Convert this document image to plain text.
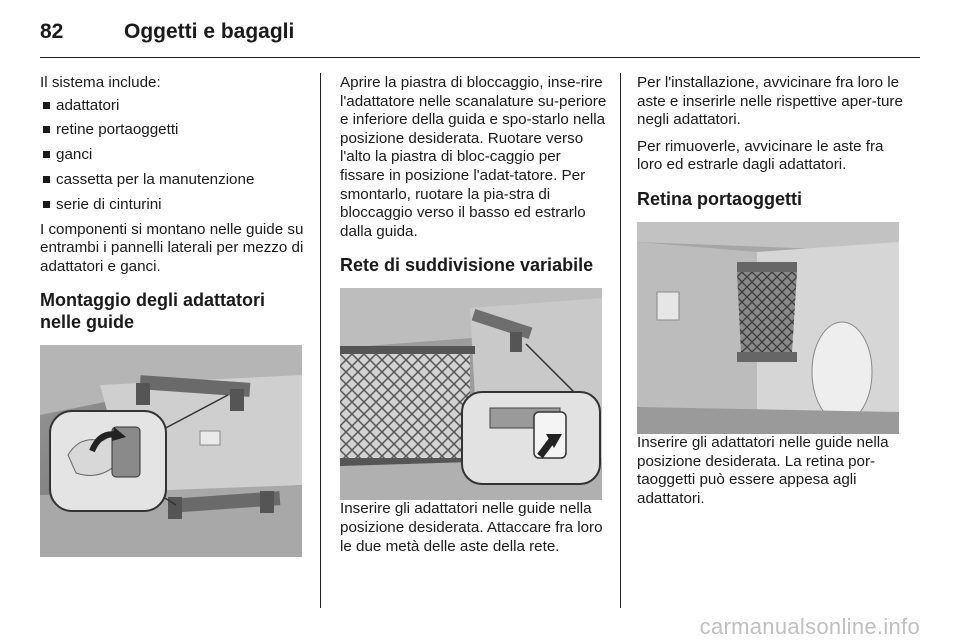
82	Oggetti e bagagli

Il sistema include:

adattatori
retine portaoggetti
ganci
cassetta per la manutenzione
serie di cinturini

I componenti si montano nelle guide su entrambi i pannelli laterali per mezzo di adattatori e ganci.

Montaggio degli adattatori nelle guide

Aprire la piastra di bloccaggio, inse-rire l'adattatore nelle scanalature su-periore e inferiore della guida e spo-starlo nella posizione desiderata. Ruotare verso l'alto la piastra di bloc-caggio per fissare in posizione l'adat-tatore. Per smontarlo, ruotare la pia-stra di bloccaggio verso il basso ed estrarlo dalla guida.

Rete di suddivisione variabile

Inserire gli adattatori nelle guide nella posizione desiderata. Attaccare fra loro le due metà delle aste della rete.

Per l'installazione, avvicinare fra loro le aste e inserirle nelle rispettive aper-ture negli adattatori.

Per rimuoverle, avvicinare le aste fra loro ed estrarle dagli adattatori.

Retina portaoggetti

Inserire gli adattatori nelle guide nella posizione desiderata. La retina por-taoggetti può essere appesa agli adattatori.

carmanualsonline.info
